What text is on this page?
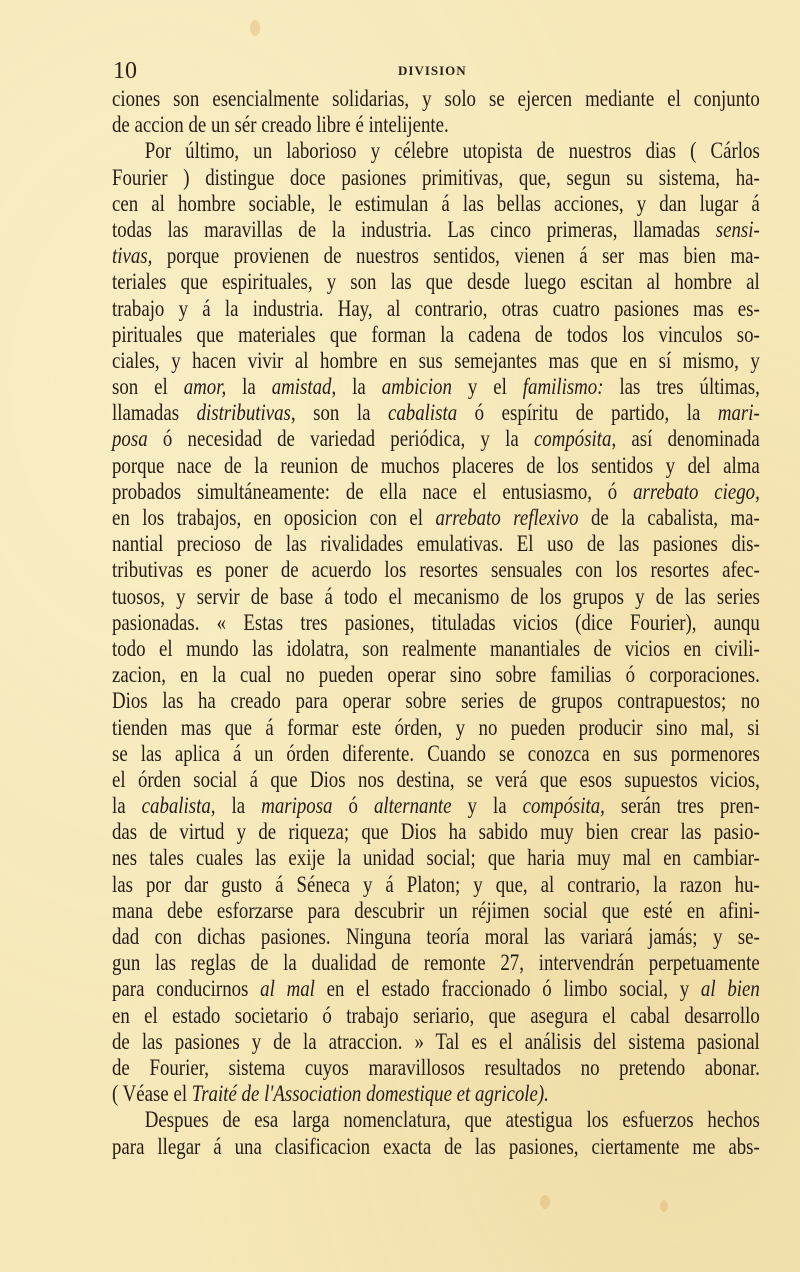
10	DIVISION
ciones son esencialmente solidarias, y solo se ejercen mediante el conjunto
de accion de un sér creado libre é intelijente.
Por último, un laborioso y célebre utopista de nuestros dias ( Cárlos
Fourier ) distingue doce pasiones primitivas, que, segun su sistema, ha-
cen al hombre sociable, le estimulan á las bellas acciones, y dan lugar á
todas las maravillas de la industria. Las cinco primeras, llamadas sensi-
tivas, porque provienen de nuestros sentidos, vienen á ser mas bien ma-
teriales que espirituales, y son las que desde luego escitan al hombre al
trabajo y á la industria. Hay, al contrario, otras cuatro pasiones mas es-
pirituales que materiales que forman la cadena de todos los vinculos so-
ciales, y hacen vivir al hombre en sus semejantes mas que en sí mismo, y
son el amor, la amistad, la ambicion y el familismo: las tres últimas,
llamadas distributivas, son la cabalista ó espíritu de partido, la mari-
posa ó necesidad de variedad periódica, y la compósita, así denominada
porque nace de la reunion de muchos placeres de los sentidos y del alma
probados simultáneamente: de ella nace el entusiasmo, ó arrebato ciego,
en los trabajos, en oposicion con el arrebato reflexivo de la cabalista, ma-
nantial precioso de las rivalidades emulativas. El uso de las pasiones dis-
tributivas es poner de acuerdo los resortes sensuales con los resortes afec-
tuosos, y servir de base á todo el mecanismo de los grupos y de las series
pasionadas. « Estas tres pasiones, tituladas vicios (dice Fourier), aunqu
todo el mundo las idolatra, son realmente manantiales de vicios en civili-
zacion, en la cual no pueden operar sino sobre familias ó corporaciones.
Dios las ha creado para operar sobre series de grupos contrapuestos; no
tienden mas que á formar este órden, y no pueden producir sino mal, si
se las aplica á un órden diferente. Cuando se conozca en sus pormenores
el órden social á que Dios nos destina, se verá que esos supuestos vicios,
la cabalista, la mariposa ó alternante y la compósita, serán tres pren-
das de virtud y de riqueza; que Dios ha sabido muy bien crear las pasio-
nes tales cuales las exije la unidad social; que haria muy mal en cambiar-
las por dar gusto á Séneca y á Platon; y que, al contrario, la razon hu-
mana debe esforzarse para descubrir un réjimen social que esté en afini-
dad con dichas pasiones. Ninguna teoría moral las variará jamás; y se-
gun las reglas de la dualidad de remonte 27, intervendrán perpetuamente
para conducirnos al mal en el estado fraccionado ó limbo social, y al bien
en el estado societario ó trabajo seriario, que asegura el cabal desarrollo
de las pasiones y de la atraccion. » Tal es el análisis del sistema pasional
de Fourier, sistema cuyos maravillosos resultados no pretendo abonar.
( Véase el Traité de l'Association domestique et agricole).
Despues de esa larga nomenclatura, que atestigua los esfuerzos hechos
para llegar á una clasificacion exacta de las pasiones, ciertamente me abs-
